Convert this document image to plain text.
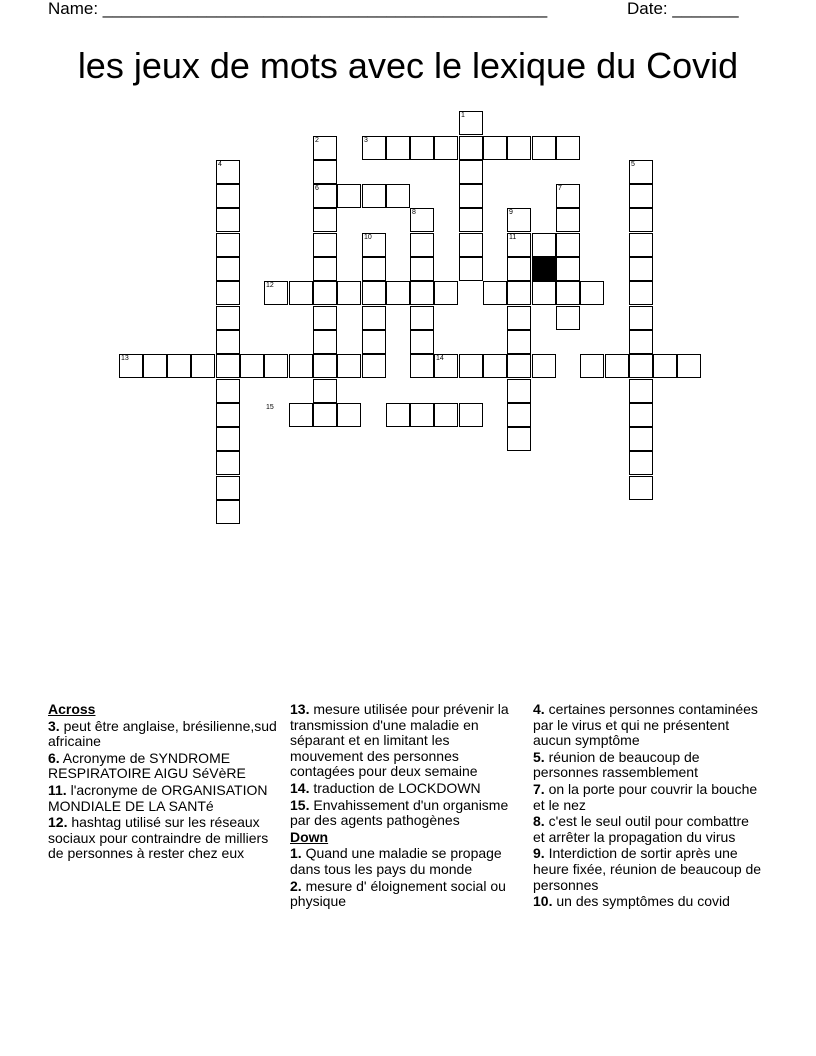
Name: _______________________________________________	Date: _______
les jeux de mots avec le lexique du Covid
1
2	3
4	5
6	7
8	9
10	11
12
13	14
15
Across
3. peut être anglaise, brésilienne,sud africaine
6. Acronyme de SYNDROME RESPIRATOIRE AIGU SéVèRE
11. l'acronyme de ORGANISATION MONDIALE DE LA SANTé
12. hashtag utilisé sur les réseaux sociaux pour contraindre de milliers de personnes à rester chez eux
13. mesure utilisée pour prévenir la transmission d'une maladie en séparant et en limitant les mouvement des personnes contagées pour deux semaine
14. traduction de LOCKDOWN
15. Envahissement d'un organisme par des agents pathogènes
Down
1. Quand une maladie se propage dans tous les pays du monde
2. mesure d' éloignement social ou physique
4. certaines personnes contaminées par le virus et qui ne présentent aucun symptôme
5. réunion de beaucoup de personnes rassemblement
7. on la porte pour couvrir la bouche et le nez
8. c'est le seul outil pour combattre et arrêter la propagation du virus
9. Interdiction de sortir après une heure fixée, réunion de beaucoup de personnes
10. un des symptômes du covid
